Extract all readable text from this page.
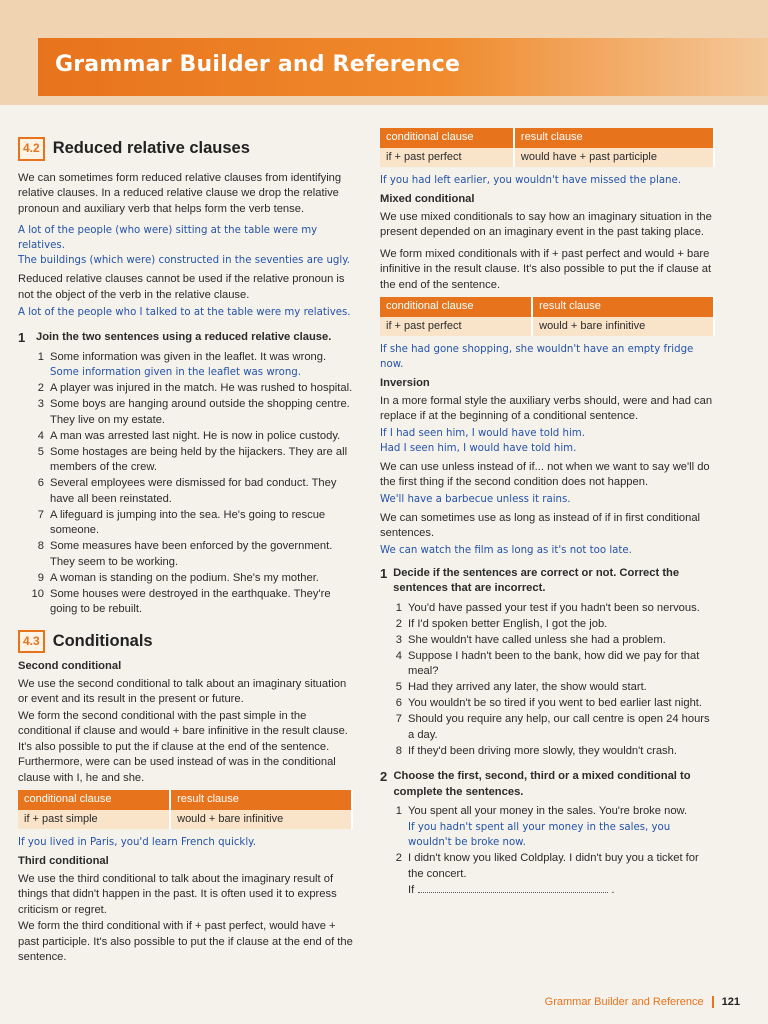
Grammar Builder and Reference
4.2 Reduced relative clauses

We can sometimes form reduced relative clauses from identifying relative clauses. In a reduced relative clause we drop the relative pronoun and auxiliary verb that helps form the verb tense.

A lot of the people (who were) sitting at the table were my relatives.

The buildings (which were) constructed in the seventies are ugly.

Reduced relative clauses cannot be used if the relative pronoun is not the object of the verb in the relative clause.

A lot of the people who I talked to at the table were my relatives.

1 Join the two sentences using a reduced relative clause.
1 Some information was given in the leaflet. It was wrong.
Some information given in the leaflet was wrong.
2 A player was injured in the match. He was rushed to hospital.
3 Some boys are hanging around outside the shopping centre. They live on my estate.
4 A man was arrested last night. He is now in police custody.
5 Some hostages are being held by the hijackers. They are all members of the crew.
6 Several employees were dismissed for bad conduct. They have all been reinstated.
7 A lifeguard is jumping into the sea. He's going to rescue someone.
8 Some measures have been enforced by the government. They seem to be working.
9 A woman is standing on the podium. She's my mother.
10 Some houses were destroyed in the earthquake. They're going to be rebuilt.
4.3 Conditionals
Second conditional

We use the second conditional to talk about an imaginary situation or event and its result in the present or future.

We form the second conditional with the past simple in the conditional if clause and would + bare infinitive in the result clause. It's also possible to put the if clause at the end of the sentence. Furthermore, were can be used instead of was in the conditional clause with I, he and she.

conditional clause	result clause
if + past simple	would + bare infinitive

If you lived in Paris, you'd learn French quickly.

Third conditional

We use the third conditional to talk about the imaginary result of things that didn't happen in the past. It is often used it to express criticism or regret.

We form the third conditional with if + past perfect, would have + past participle. It's also possible to put the if clause at the end of the sentence.

conditional clause	result clause
if + past perfect	would have + past participle

If you had left earlier, you wouldn't have missed the plane.

Mixed conditional

We use mixed conditionals to say how an imaginary situation in the present depended on an imaginary event in the past taking place.

We form mixed conditionals with if + past perfect and would + bare infinitive in the result clause. It's also possible to put the if clause at the end of the sentence.

conditional clause	result clause
if + past perfect	would + bare infinitive

If she had gone shopping, she wouldn't have an empty fridge now.

Inversion

In a more formal style the auxiliary verbs should, were and had can replace if at the beginning of a conditional sentence.

If I had seen him, I would have told him.

Had I seen him, I would have told him.

We can use unless instead of if... not when we want to say we'll do the first thing if the second condition does not happen.

We'll have a barbecue unless it rains.

We can sometimes use as long as instead of if in first conditional sentences.

We can watch the film as long as it's not too late.

1 Decide if the sentences are correct or not. Correct the sentences that are incorrect.
1 You'd have passed your test if you hadn't been so nervous.
2 If I'd spoken better English, I got the job.
3 She wouldn't have called unless she had a problem.
4 Suppose I hadn't been to the bank, how did we pay for that meal?
5 Had they arrived any later, the show would start.
6 You wouldn't be so tired if you went to bed earlier last night.
7 Should you require any help, our call centre is open 24 hours a day.
8 If they'd been driving more slowly, they wouldn't crash.
2 Choose the first, second, third or a mixed conditional to complete the sentences.
1 You spent all your money in the sales. You're broke now.
If you hadn't spent all your money in the sales, you wouldn't be broke now.
2 I didn't know you liked Coldplay. I didn't buy you a ticket for the concert.
If	.
Grammar Builder and Reference	121
